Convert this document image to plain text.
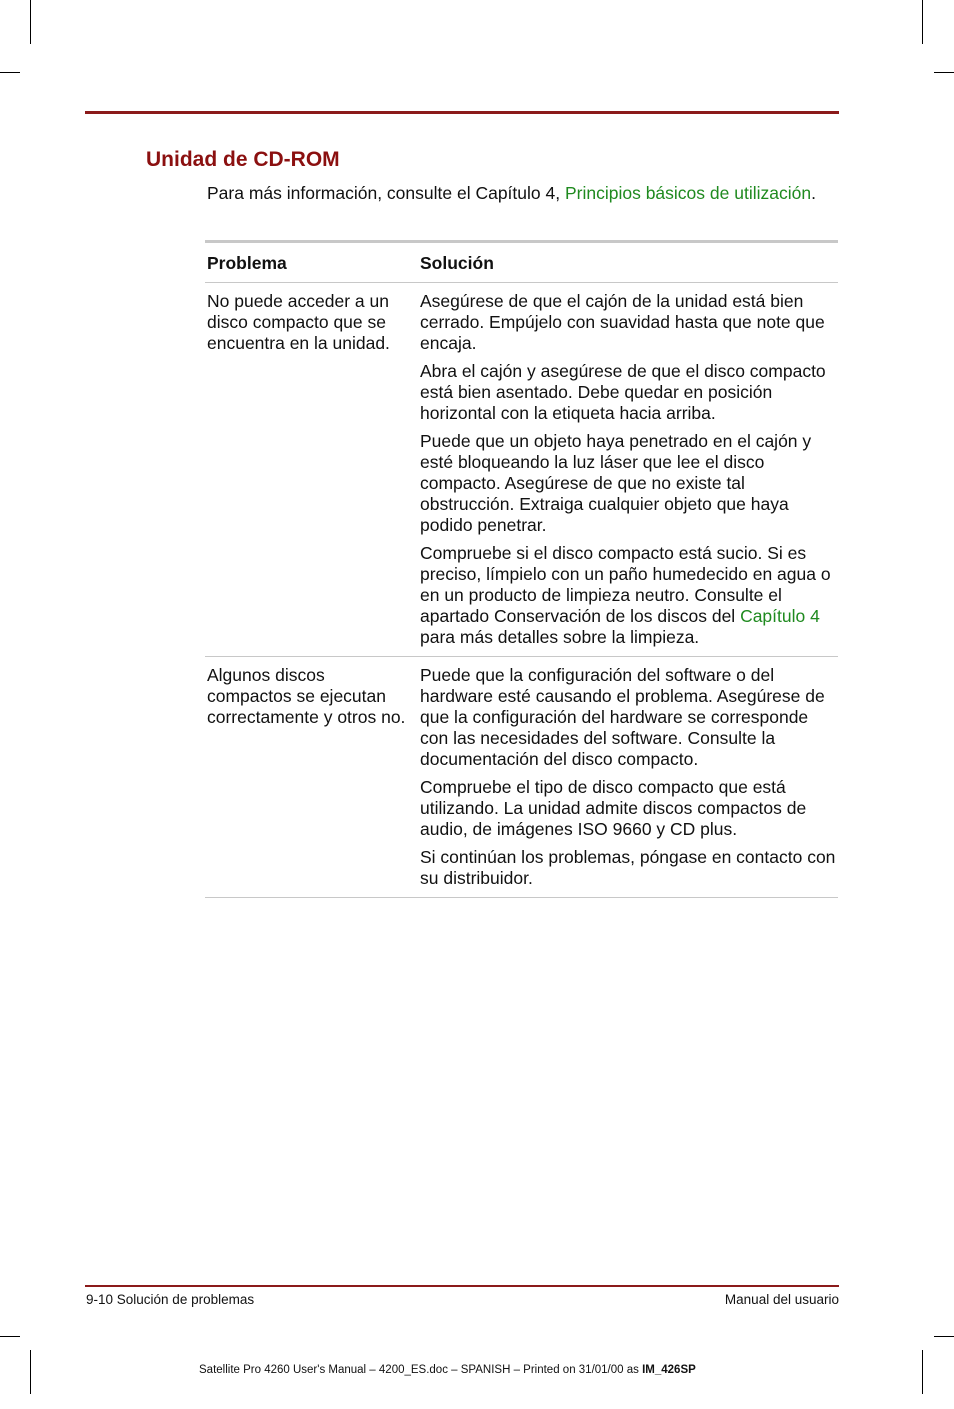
Unidad de CD-ROM

Para más información, consulte el Capítulo 4, Principios básicos de utilización.

Problema	Solución
No puede acceder a un disco compacto que se encuentra en la unidad.	Asegúrese de que el cajón de la unidad está bien cerrado. Empújelo con suavidad hasta que note que encaja.

Abra el cajón y asegúrese de que el disco compacto está bien asentado. Debe quedar en posición horizontal con la etiqueta hacia arriba.

Puede que un objeto haya penetrado en el cajón y esté bloqueando la luz láser que lee el disco compacto. Asegúrese de que no existe tal obstrucción. Extraiga cualquier objeto que haya podido penetrar.

Compruebe si el disco compacto está sucio. Si es preciso, límpielo con un paño humedecido en agua o en un producto de limpieza neutro. Consulte el apartado Conservación de los discos del Capítulo 4 para más detalles sobre la limpieza.

Algunos discos compactos se ejecutan correctamente y otros no.	Puede que la configuración del software o del hardware esté causando el problema. Asegúrese de que la configuración del hardware se corresponde con las necesidades del software. Consulte la documentación del disco compacto.

Compruebe el tipo de disco compacto que está utilizando. La unidad admite discos compactos de audio, de imágenes ISO 9660 y CD plus.

Si continúan los problemas, póngase en contacto con su distribuidor.

9-10 Solución de problemas	Manual del usuario
Satellite Pro 4260 User's Manual – 4200_ES.doc – SPANISH – Printed on 31/01/00 as IM_426SP
